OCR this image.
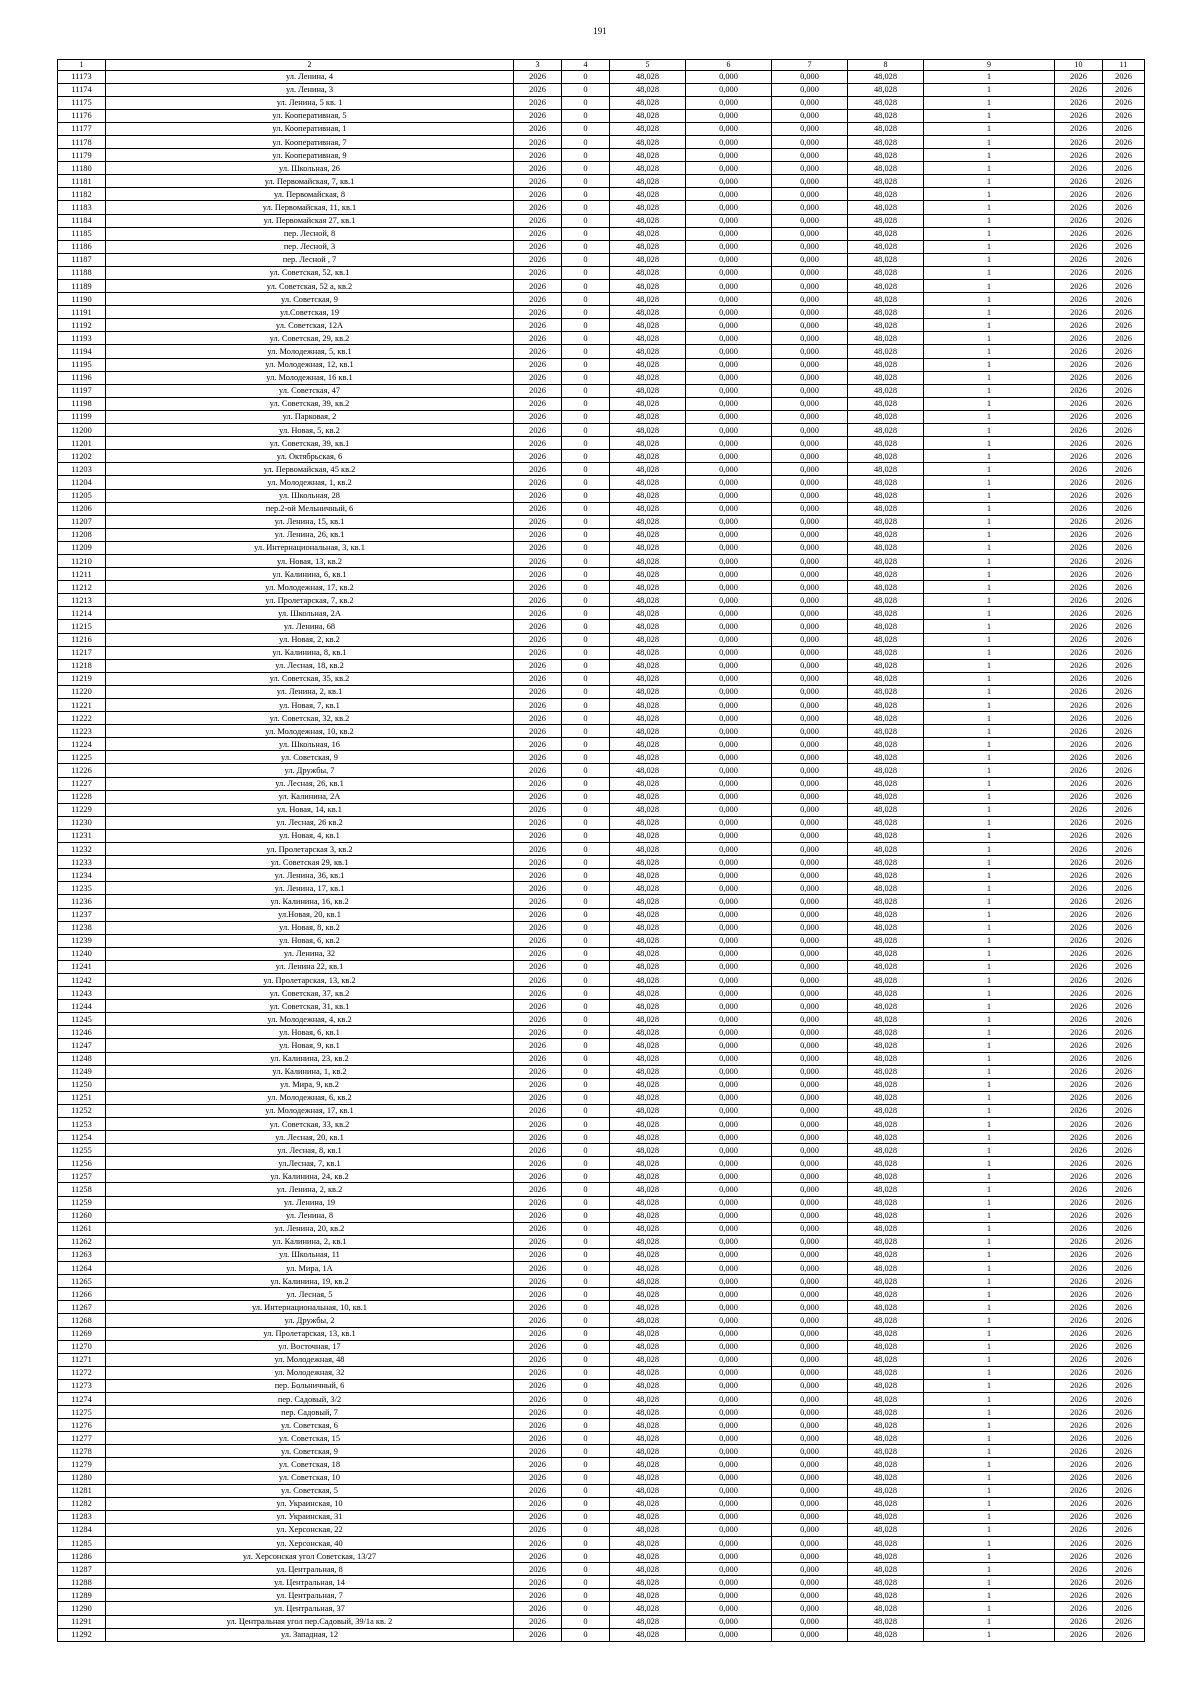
191
1	2	3	4	5	6	7	8	9	10	11
11173	ул. Ленина, 4	2026	0	48,028	0,000	0,000	48,028	1	2026	2026
11174	ул. Ленина, 3	2026	0	48,028	0,000	0,000	48,028	1	2026	2026
11175	ул. Ленина, 5 кв. 1	2026	0	48,028	0,000	0,000	48,028	1	2026	2026
11176	ул. Кооперативная, 5	2026	0	48,028	0,000	0,000	48,028	1	2026	2026
11177	ул. Кооперативная, 1	2026	0	48,028	0,000	0,000	48,028	1	2026	2026
11178	ул. Кооперативная, 7	2026	0	48,028	0,000	0,000	48,028	1	2026	2026
11179	ул. Кооперативная, 9	2026	0	48,028	0,000	0,000	48,028	1	2026	2026
11180	ул. Школьная, 26	2026	0	48,028	0,000	0,000	48,028	1	2026	2026
11181	ул. Первомайская, 7, кв.1	2026	0	48,028	0,000	0,000	48,028	1	2026	2026
11182	ул. Первомайская, 8	2026	0	48,028	0,000	0,000	48,028	1	2026	2026
11183	ул. Первомайская, 11, кв.1	2026	0	48,028	0,000	0,000	48,028	1	2026	2026
11184	ул. Первомайская 27, кв.1	2026	0	48,028	0,000	0,000	48,028	1	2026	2026
11185	пер. Лесной, 8	2026	0	48,028	0,000	0,000	48,028	1	2026	2026
11186	пер. Лесной, 3	2026	0	48,028	0,000	0,000	48,028	1	2026	2026
11187	пер. Лесной , 7	2026	0	48,028	0,000	0,000	48,028	1	2026	2026
11188	ул. Советская, 52, кв.1	2026	0	48,028	0,000	0,000	48,028	1	2026	2026
11189	ул. Советская, 52 а, кв.2	2026	0	48,028	0,000	0,000	48,028	1	2026	2026
11190	ул. Советская, 9	2026	0	48,028	0,000	0,000	48,028	1	2026	2026
11191	ул.Советская, 19	2026	0	48,028	0,000	0,000	48,028	1	2026	2026
11192	ул. Советская, 12А	2026	0	48,028	0,000	0,000	48,028	1	2026	2026
11193	ул. Советская, 29, кв.2	2026	0	48,028	0,000	0,000	48,028	1	2026	2026
11194	ул. Молодежная, 5, кв.1	2026	0	48,028	0,000	0,000	48,028	1	2026	2026
11195	ул. Молодежная, 12, кв.1	2026	0	48,028	0,000	0,000	48,028	1	2026	2026
11196	ул. Молодежная, 16 кв.1	2026	0	48,028	0,000	0,000	48,028	1	2026	2026
11197	ул. Советская, 47	2026	0	48,028	0,000	0,000	48,028	1	2026	2026
11198	ул. Советская, 39, кв.2	2026	0	48,028	0,000	0,000	48,028	1	2026	2026
11199	ул. Парковая, 2	2026	0	48,028	0,000	0,000	48,028	1	2026	2026
11200	ул. Новая, 5, кв.2	2026	0	48,028	0,000	0,000	48,028	1	2026	2026
11201	ул. Советская, 39, кв.1	2026	0	48,028	0,000	0,000	48,028	1	2026	2026
11202	ул. Октябрьская, 6	2026	0	48,028	0,000	0,000	48,028	1	2026	2026
11203	ул. Первомайская, 45 кв.2	2026	0	48,028	0,000	0,000	48,028	1	2026	2026
11204	ул. Молодежная, 1, кв.2	2026	0	48,028	0,000	0,000	48,028	1	2026	2026
11205	ул. Школьная, 28	2026	0	48,028	0,000	0,000	48,028	1	2026	2026
11206	пер.2-ой Мельничный, 6	2026	0	48,028	0,000	0,000	48,028	1	2026	2026
11207	ул. Ленина, 15, кв.1	2026	0	48,028	0,000	0,000	48,028	1	2026	2026
11208	ул. Ленина, 26, кв.1	2026	0	48,028	0,000	0,000	48,028	1	2026	2026
11209	ул. Интернациональная, 3, кв.1	2026	0	48,028	0,000	0,000	48,028	1	2026	2026
11210	ул. Новая, 13, кв.2	2026	0	48,028	0,000	0,000	48,028	1	2026	2026
11211	ул. Калинина, 6, кв.1	2026	0	48,028	0,000	0,000	48,028	1	2026	2026
11212	ул. Молодежная, 17, кв.2	2026	0	48,028	0,000	0,000	48,028	1	2026	2026
11213	ул. Пролетарская, 7, кв.2	2026	0	48,028	0,000	0,000	48,028	1	2026	2026
11214	ул. Школьная, 2А	2026	0	48,028	0,000	0,000	48,028	1	2026	2026
11215	ул. Ленина, 68	2026	0	48,028	0,000	0,000	48,028	1	2026	2026
11216	ул. Новая, 2, кв.2	2026	0	48,028	0,000	0,000	48,028	1	2026	2026
11217	ул. Калинина, 8, кв.1	2026	0	48,028	0,000	0,000	48,028	1	2026	2026
11218	ул. Лесная, 18, кв.2	2026	0	48,028	0,000	0,000	48,028	1	2026	2026
11219	ул. Советская, 35, кв.2	2026	0	48,028	0,000	0,000	48,028	1	2026	2026
11220	ул. Ленина, 2, кв.1	2026	0	48,028	0,000	0,000	48,028	1	2026	2026
11221	ул. Новая, 7, кв.1	2026	0	48,028	0,000	0,000	48,028	1	2026	2026
11222	ул. Советская, 32, кв.2	2026	0	48,028	0,000	0,000	48,028	1	2026	2026
11223	ул. Молодежная, 10, кв.2	2026	0	48,028	0,000	0,000	48,028	1	2026	2026
11224	ул. Школьная, 16	2026	0	48,028	0,000	0,000	48,028	1	2026	2026
11225	ул. Советская, 9	2026	0	48,028	0,000	0,000	48,028	1	2026	2026
11226	ул. Дружбы, 7	2026	0	48,028	0,000	0,000	48,028	1	2026	2026
11227	ул. Лесная, 26, кв.1	2026	0	48,028	0,000	0,000	48,028	1	2026	2026
11228	ул. Калинина, 2А	2026	0	48,028	0,000	0,000	48,028	1	2026	2026
11229	ул. Новая, 14, кв.1	2026	0	48,028	0,000	0,000	48,028	1	2026	2026
11230	ул. Лесная, 26 кв.2	2026	0	48,028	0,000	0,000	48,028	1	2026	2026
11231	ул. Новая, 4, кв.1	2026	0	48,028	0,000	0,000	48,028	1	2026	2026
11232	ул. Пролетарская 3, кв.2	2026	0	48,028	0,000	0,000	48,028	1	2026	2026
11233	ул. Советская 29, кв.1	2026	0	48,028	0,000	0,000	48,028	1	2026	2026
11234	ул. Ленина, 36, кв.1	2026	0	48,028	0,000	0,000	48,028	1	2026	2026
11235	ул. Ленина, 17, кв.1	2026	0	48,028	0,000	0,000	48,028	1	2026	2026
11236	ул. Калинина, 16, кв.2	2026	0	48,028	0,000	0,000	48,028	1	2026	2026
11237	ул.Новая, 20, кв.1	2026	0	48,028	0,000	0,000	48,028	1	2026	2026
11238	ул. Новая, 8, кв.2	2026	0	48,028	0,000	0,000	48,028	1	2026	2026
11239	ул. Новая, 6, кв.2	2026	0	48,028	0,000	0,000	48,028	1	2026	2026
11240	ул. Ленина, 32	2026	0	48,028	0,000	0,000	48,028	1	2026	2026
11241	ул. Ленина 22, кв.1	2026	0	48,028	0,000	0,000	48,028	1	2026	2026
11242	ул. Пролетарская, 13, кв.2	2026	0	48,028	0,000	0,000	48,028	1	2026	2026
11243	ул. Советская, 37, кв.2	2026	0	48,028	0,000	0,000	48,028	1	2026	2026
11244	ул. Советская, 31, кв.1	2026	0	48,028	0,000	0,000	48,028	1	2026	2026
11245	ул. Молодежная, 4, кв.2	2026	0	48,028	0,000	0,000	48,028	1	2026	2026
11246	ул. Новая, 6, кв.1	2026	0	48,028	0,000	0,000	48,028	1	2026	2026
11247	ул. Новая, 9, кв.1	2026	0	48,028	0,000	0,000	48,028	1	2026	2026
11248	ул. Калинина, 23, кв.2	2026	0	48,028	0,000	0,000	48,028	1	2026	2026
11249	ул. Калинина, 1, кв.2	2026	0	48,028	0,000	0,000	48,028	1	2026	2026
11250	ул. Мира, 9, кв.2	2026	0	48,028	0,000	0,000	48,028	1	2026	2026
11251	ул. Молодежная, 6, кв.2	2026	0	48,028	0,000	0,000	48,028	1	2026	2026
11252	ул. Молодежная, 17, кв.1	2026	0	48,028	0,000	0,000	48,028	1	2026	2026
11253	ул. Советская, 33, кв.2	2026	0	48,028	0,000	0,000	48,028	1	2026	2026
11254	ул. Лесная, 20, кв.1	2026	0	48,028	0,000	0,000	48,028	1	2026	2026
11255	ул. Лесная, 8, кв.1	2026	0	48,028	0,000	0,000	48,028	1	2026	2026
11256	ул.Лесная, 7, кв.1	2026	0	48,028	0,000	0,000	48,028	1	2026	2026
11257	ул. Калинина, 24, кв.2	2026	0	48,028	0,000	0,000	48,028	1	2026	2026
11258	ул. Ленина, 2, кв.2	2026	0	48,028	0,000	0,000	48,028	1	2026	2026
11259	ул. Ленина, 19	2026	0	48,028	0,000	0,000	48,028	1	2026	2026
11260	ул. Ленина, 8	2026	0	48,028	0,000	0,000	48,028	1	2026	2026
11261	ул. Ленина, 20, кв.2	2026	0	48,028	0,000	0,000	48,028	1	2026	2026
11262	ул. Калинина, 2, кв.1	2026	0	48,028	0,000	0,000	48,028	1	2026	2026
11263	ул. Школьная, 11	2026	0	48,028	0,000	0,000	48,028	1	2026	2026
11264	ул. Мира, 1А	2026	0	48,028	0,000	0,000	48,028	1	2026	2026
11265	ул. Калинина, 19, кв.2	2026	0	48,028	0,000	0,000	48,028	1	2026	2026
11266	ул. Лесная, 5	2026	0	48,028	0,000	0,000	48,028	1	2026	2026
11267	ул. Интернациональная, 10, кв.1	2026	0	48,028	0,000	0,000	48,028	1	2026	2026
11268	ул. Дружбы, 2	2026	0	48,028	0,000	0,000	48,028	1	2026	2026
11269	ул. Пролетарская, 13, кв.1	2026	0	48,028	0,000	0,000	48,028	1	2026	2026
11270	ул. Восточная, 17	2026	0	48,028	0,000	0,000	48,028	1	2026	2026
11271	ул. Молодежная, 48	2026	0	48,028	0,000	0,000	48,028	1	2026	2026
11272	ул. Молодежная, 32	2026	0	48,028	0,000	0,000	48,028	1	2026	2026
11273	пер. Больничный, 6	2026	0	48,028	0,000	0,000	48,028	1	2026	2026
11274	пер. Садовый, 3/2	2026	0	48,028	0,000	0,000	48,028	1	2026	2026
11275	пер. Садовый, 7	2026	0	48,028	0,000	0,000	48,028	1	2026	2026
11276	ул. Советская, 6	2026	0	48,028	0,000	0,000	48,028	1	2026	2026
11277	ул. Советская, 15	2026	0	48,028	0,000	0,000	48,028	1	2026	2026
11278	ул. Советская, 9	2026	0	48,028	0,000	0,000	48,028	1	2026	2026
11279	ул. Советская, 18	2026	0	48,028	0,000	0,000	48,028	1	2026	2026
11280	ул. Советская, 10	2026	0	48,028	0,000	0,000	48,028	1	2026	2026
11281	ул. Советская, 5	2026	0	48,028	0,000	0,000	48,028	1	2026	2026
11282	ул. Украинская, 10	2026	0	48,028	0,000	0,000	48,028	1	2026	2026
11283	ул. Украинская, 31	2026	0	48,028	0,000	0,000	48,028	1	2026	2026
11284	ул. Херсонская, 22	2026	0	48,028	0,000	0,000	48,028	1	2026	2026
11285	ул. Херсонская, 40	2026	0	48,028	0,000	0,000	48,028	1	2026	2026
11286	ул. Херсонская угол Советская, 13/27	2026	0	48,028	0,000	0,000	48,028	1	2026	2026
11287	ул. Центральная, 8	2026	0	48,028	0,000	0,000	48,028	1	2026	2026
11288	ул. Центральная, 14	2026	0	48,028	0,000	0,000	48,028	1	2026	2026
11289	ул. Центральная, 7	2026	0	48,028	0,000	0,000	48,028	1	2026	2026
11290	ул. Центральная, 37	2026	0	48,028	0,000	0,000	48,028	1	2026	2026
11291	ул. Центральная угол пер.Садовый, 39/1а кв. 2	2026	0	48,028	0,000	0,000	48,028	1	2026	2026
11292	ул. Западная, 12	2026	0	48,028	0,000	0,000	48,028	1	2026	2026
